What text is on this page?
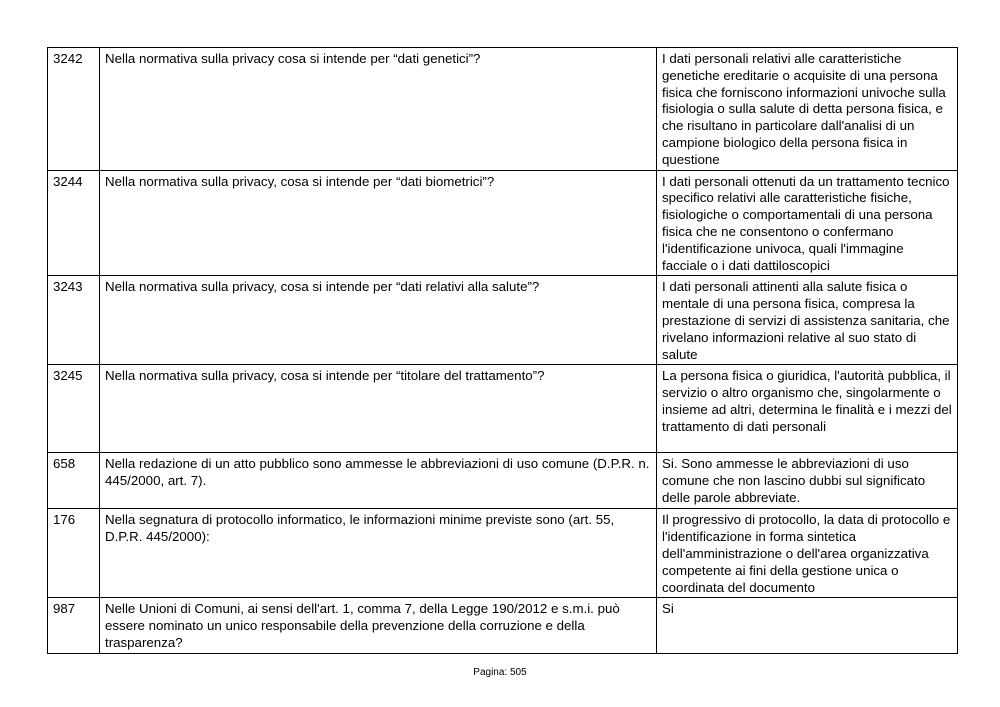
3242	Nella normativa sulla privacy cosa si intende per “dati genetici”?	I dati personali relativi alle caratteristiche genetiche ereditarie o acquisite di una persona fisica che forniscono informazioni univoche sulla fisiologia o sulla salute di detta persona fisica, e che risultano in particolare dall'analisi di un campione biologico della persona fisica in questione
3244	Nella normativa sulla privacy, cosa si intende per “dati biometrici”?	I dati personali ottenuti da un trattamento tecnico specifico relativi alle caratteristiche fisiche, fisiologiche o comportamentali di una persona fisica che ne consentono o confermano l'identificazione univoca, quali l'immagine facciale o i dati dattiloscopici
3243	Nella normativa sulla privacy, cosa si intende per “dati relativi alla salute”?	I dati personali attinenti alla salute fisica o mentale di una persona fisica, compresa la prestazione di servizi di assistenza sanitaria, che rivelano informazioni relative al suo stato di salute
3245	Nella normativa sulla privacy, cosa si intende per “titolare del trattamento”?	La persona fisica o giuridica, l'autorità pubblica, il servizio o altro organismo che, singolarmente o insieme ad altri, determina le finalità e i mezzi del trattamento di dati personali
658	Nella redazione di un atto pubblico sono ammesse le abbreviazioni di uso comune (D.P.R. n. 445/2000, art. 7).	Si. Sono ammesse le abbreviazioni di uso comune che non lascino dubbi sul significato delle parole abbreviate.
176	Nella segnatura di protocollo informatico, le informazioni minime previste sono (art. 55, D.P.R. 445/2000):	Il progressivo di protocollo, la data di protocollo e l'identificazione in forma sintetica dell'amministrazione o dell'area organizzativa competente ai fini della gestione unica o coordinata del documento
987	Nelle Unioni di Comuni, ai sensi dell'art. 1, comma 7, della Legge 190/2012 e s.m.i. può essere nominato un unico responsabile della prevenzione della corruzione e della trasparenza?	Si
Pagina: 505
